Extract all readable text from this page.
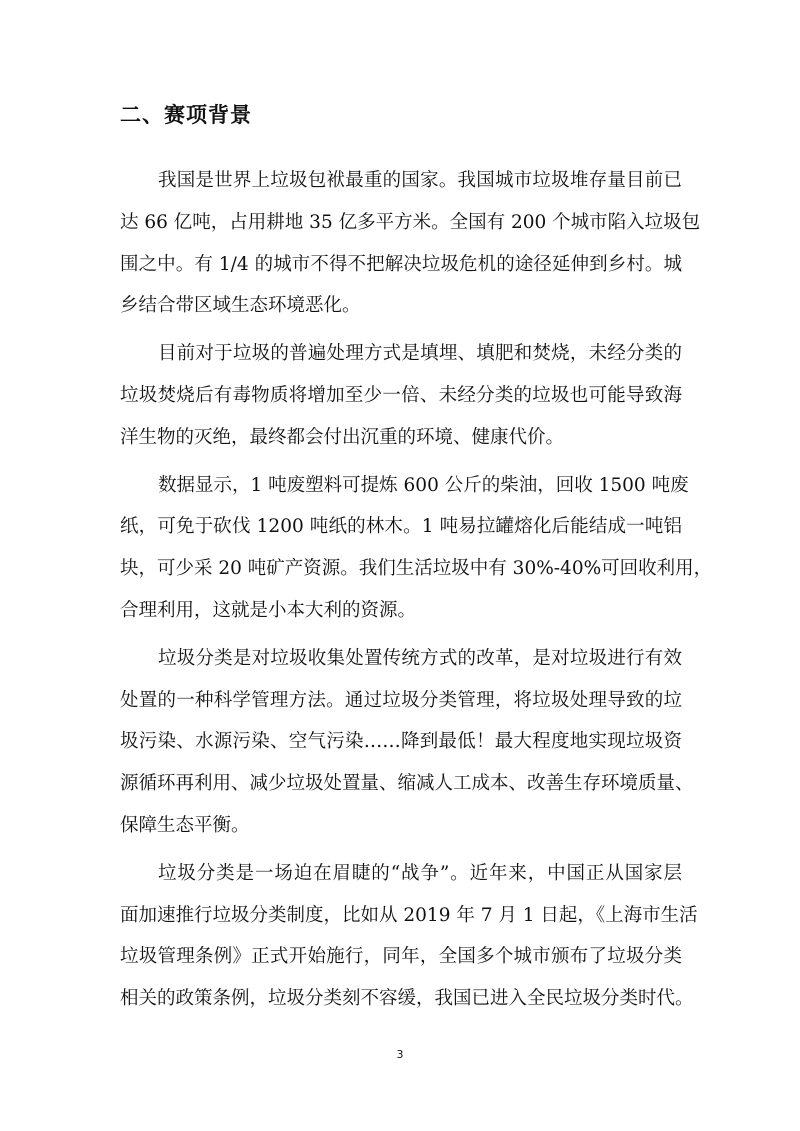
二、赛项背景
我国是世界上垃圾包袱最重的国家。我国城市垃圾堆存量目前已
达 66 亿吨，占用耕地 35 亿多平方米。全国有 200 个城市陷入垃圾包
围之中。有 1/4 的城市不得不把解决垃圾危机的途径延伸到乡村。城
乡结合带区域生态环境恶化。
目前对于垃圾的普遍处理方式是填埋、填肥和焚烧，未经分类的
垃圾焚烧后有毒物质将增加至少一倍、未经分类的垃圾也可能导致海
洋生物的灭绝，最终都会付出沉重的环境、健康代价。
数据显示，1 吨废塑料可提炼 600 公斤的柴油，回收 1500 吨废
纸，可免于砍伐 1200 吨纸的林木。1 吨易拉罐熔化后能结成一吨铝
块，可少采 20 吨矿产资源。我们生活垃圾中有 30%-40%可回收利用，
合理利用，这就是小本大利的资源。
垃圾分类是对垃圾收集处置传统方式的改革，是对垃圾进行有效
处置的一种科学管理方法。通过垃圾分类管理，将垃圾处理导致的垃
圾污染、水源污染、空气污染……降到最低！最大程度地实现垃圾资
源循环再利用、减少垃圾处置量、缩减人工成本、改善生存环境质量、
保障生态平衡。
垃圾分类是一场迫在眉睫的“战争”。近年来，中国正从国家层
面加速推行垃圾分类制度，比如从 2019 年 7 月 1 日起，《上海市生活
垃圾管理条例》正式开始施行，同年，全国多个城市颁布了垃圾分类
相关的政策条例，垃圾分类刻不容缓，我国已进入全民垃圾分类时代。
3
